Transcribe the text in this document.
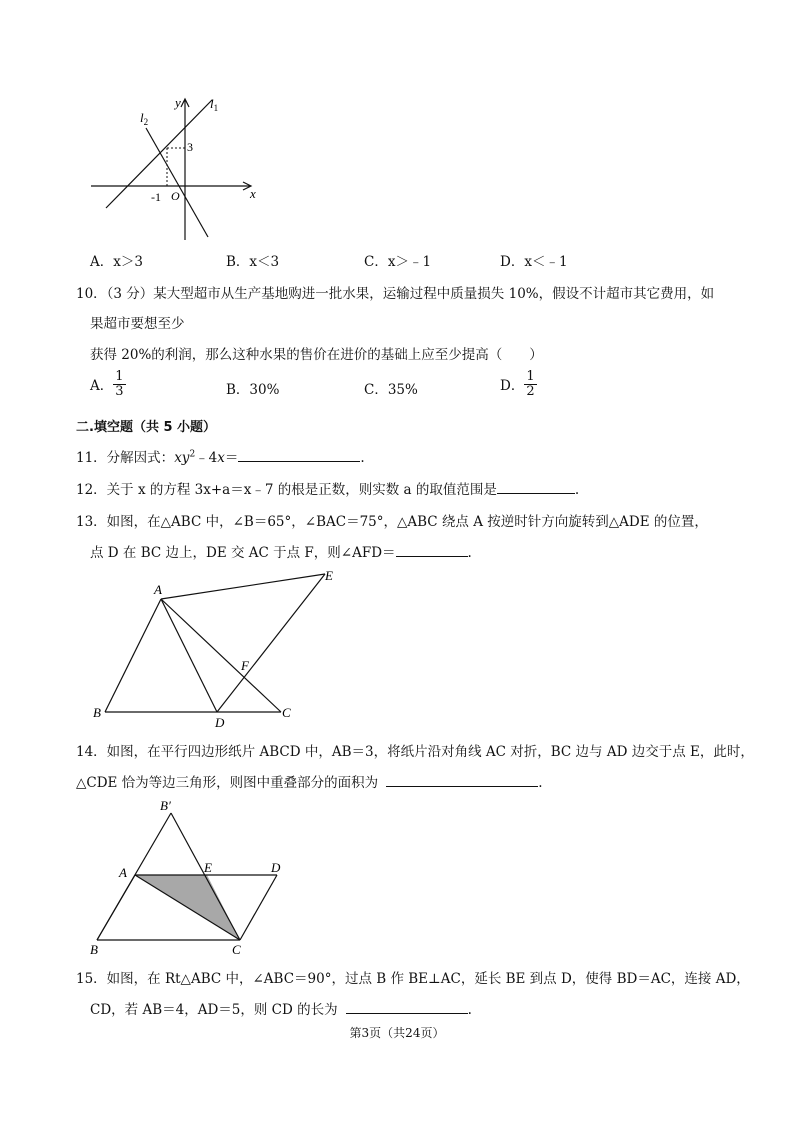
$l_1$
$l_2$
y
x
O
3
-1
A．x＞3	B．x＜3	C．x＞﹣1	D．x＜﹣1
10．（3 分）某大型超市从生产基地购进一批水果，运输过程中质量损失 10%，假设不计超市其它费用，如
果超市要想至少
获得 20%的利润，那么这种水果的售价在进价的基础上应至少提高（　　）
A． $\frac{1}{3}$	B．30%	C．35%	D． $\frac{1}{2}$
二.填空题（共 5 小题）
11．分解因式：$xy^2﹣4x=$	.
12．关于 x 的方程 3x+a＝x﹣7 的根是正数，则实数 a 的取值范围是	.
13．如图，在△ABC 中，∠B＝65°，∠BAC＝75°，△ABC 绕点 A 按逆时针方向旋转到△ADE 的位置，
点 D 在 BC 边上，DE 交 AC 于点 F，则∠AFD＝	.
A
B	C
D
E
F
14．如图，在平行四边形纸片 ABCD 中，AB＝3，将纸片沿对角线 AC 对折，BC 边与 AD 边交于点 E，此时，
△CDE 恰为等边三角形，则图中重叠部分的面积为	.
B′
A	E	D
B	C
15．如图，在 Rt△ABC 中，∠ABC＝90°，过点 B 作 BE⊥AC，延长 BE 到点 D，使得 BD＝AC，连接 AD，
CD，若 AB＝4，AD＝5，则 CD 的长为	.
第3页（共24页）
